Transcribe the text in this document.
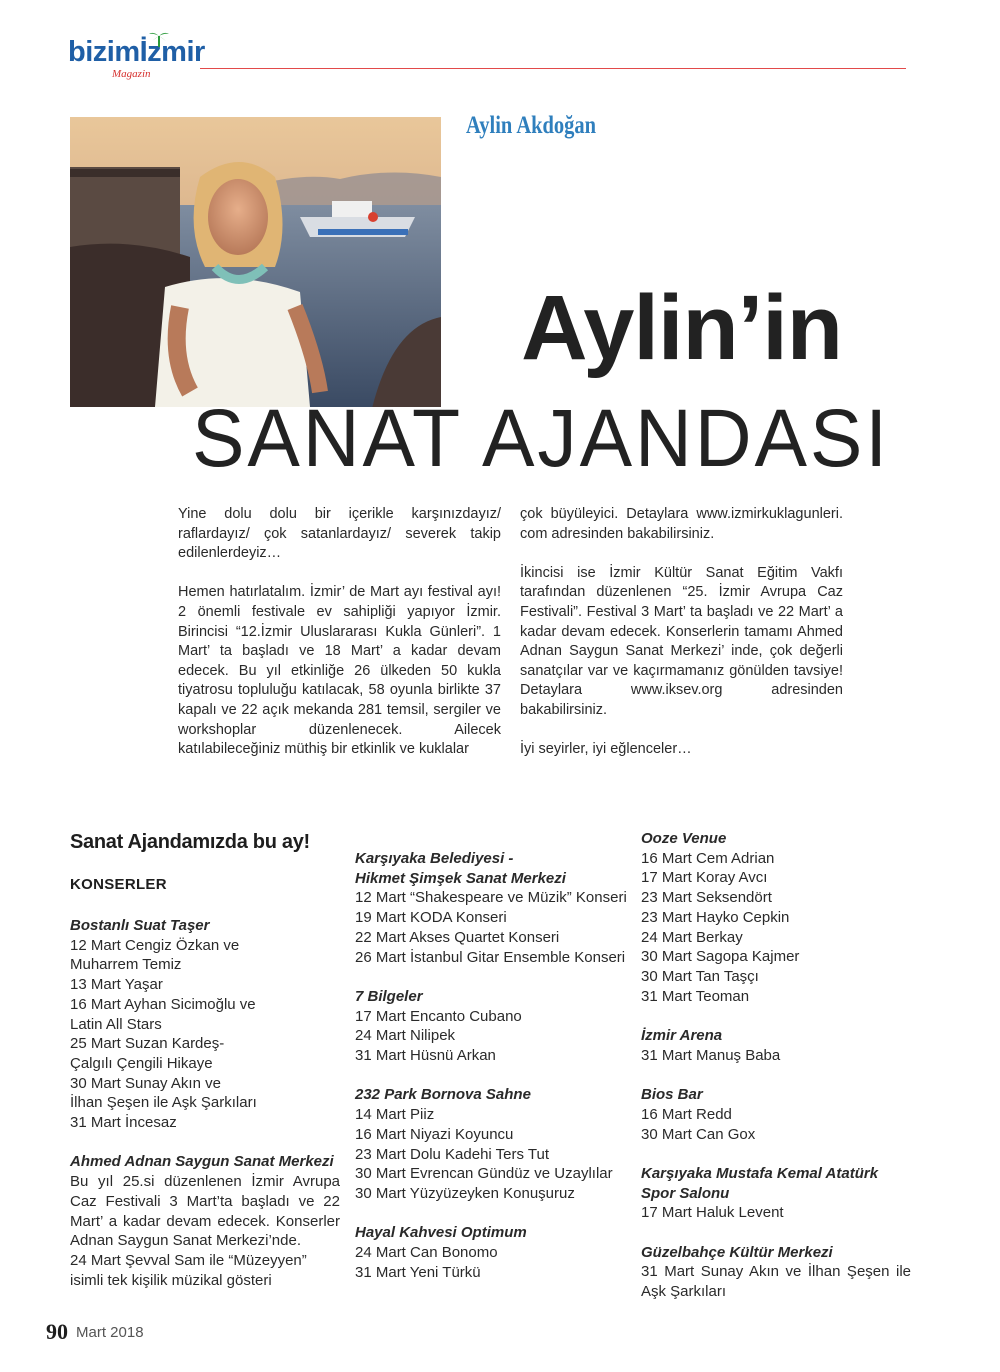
bizimİzmir
Magazin
Aylin Akdoğan
Aylin’in
SANAT AJANDASI

Yine dolu dolu bir içerikle karşınızdayız/ raflardayız/ çok satanlardayız/ severek takip edilenlerdeyiz…

Hemen hatırlatalım. İzmir’ de Mart ayı festival ayı! 2 önemli festivale ev sahipliği yapıyor İzmir. Birincisi “12.İzmir Uluslararası Kukla Günleri”. 1 Mart’ ta başladı ve 18 Mart’ a kadar devam edecek. Bu yıl etkinliğe 26 ülkeden 50 kukla tiyatrosu topluluğu katılacak, 58 oyunla birlikte 37 kapalı ve 22 açık mekanda 281 temsil, sergiler ve workshoplar düzenlenecek. Ailecek katılabileceğiniz müthiş bir etkinlik ve kuklalar

çok büyüleyici. Detaylara www.izmirkuklagunleri. com adresinden bakabilirsiniz.

İkincisi ise İzmir Kültür Sanat Eğitim Vakfı tarafından düzenlenen “25. İzmir Avrupa Caz Festivali”. Festival 3 Mart’ ta başladı ve 22 Mart’ a kadar devam edecek. Konserlerin tamamı Ahmed Adnan Saygun Sanat Merkezi’ inde, çok değerli sanatçılar var ve kaçırmamanız gönülden tavsiye! Detaylara www.iksev.org adresinden bakabilirsiniz.

İyi seyirler, iyi eğlenceler…

Sanat Ajandamızda bu ay!
KONSERLER
Bostanlı Suat Taşer
12 Mart Cengiz Özkan ve
Muharrem Temiz
13 Mart Yaşar
16 Mart Ayhan Sicimoğlu ve
Latin All Stars
25 Mart Suzan Kardeş-
Çalgılı Çengili Hikaye
30 Mart Sunay Akın ve
İlhan Şeşen ile Aşk Şarkıları
31 Mart İncesaz
Ahmed Adnan Saygun Sanat Merkezi
Bu yıl 25.si düzenlenen İzmir Avrupa Caz Festivali 3 Mart’ta başladı ve 22 Mart’ a kadar devam edecek. Konserler Adnan Saygun Sanat Merkezi’nde.
24 Mart Şevval Sam ile “Müzeyyen”
isimli tek kişilik müzikal gösteri
Karşıyaka Belediyesi -
Hikmet Şimşek Sanat Merkezi
12 Mart “Shakespeare ve Müzik” Konseri
19 Mart KODA Konseri
22 Mart Akses Quartet Konseri
26 Mart İstanbul Gitar Ensemble Konseri
7 Bilgeler
17 Mart Encanto Cubano
24 Mart Nilipek
31 Mart Hüsnü Arkan
232 Park Bornova Sahne
14 Mart Piiz
16 Mart Niyazi Koyuncu
23 Mart Dolu Kadehi Ters Tut
30 Mart Evrencan Gündüz ve Uzaylılar
30 Mart Yüzyüzeyken Konuşuruz
Hayal Kahvesi Optimum
24 Mart Can Bonomo
31 Mart Yeni Türkü
Ooze Venue
16 Mart Cem Adrian
17 Mart Koray Avcı
23 Mart Seksendört
23 Mart Hayko Cepkin
24 Mart Berkay
30 Mart Sagopa Kajmer
30 Mart Tan Taşçı
31 Mart Teoman
İzmir Arena
31 Mart Manuş Baba
Bios Bar
16 Mart Redd
30 Mart Can Gox
Karşıyaka Mustafa Kemal Atatürk
Spor Salonu
17 Mart Haluk Levent
Güzelbahçe Kültür Merkezi
31 Mart Sunay Akın ve İlhan Şeşen ile Aşk Şarkıları
90 Mart 2018
